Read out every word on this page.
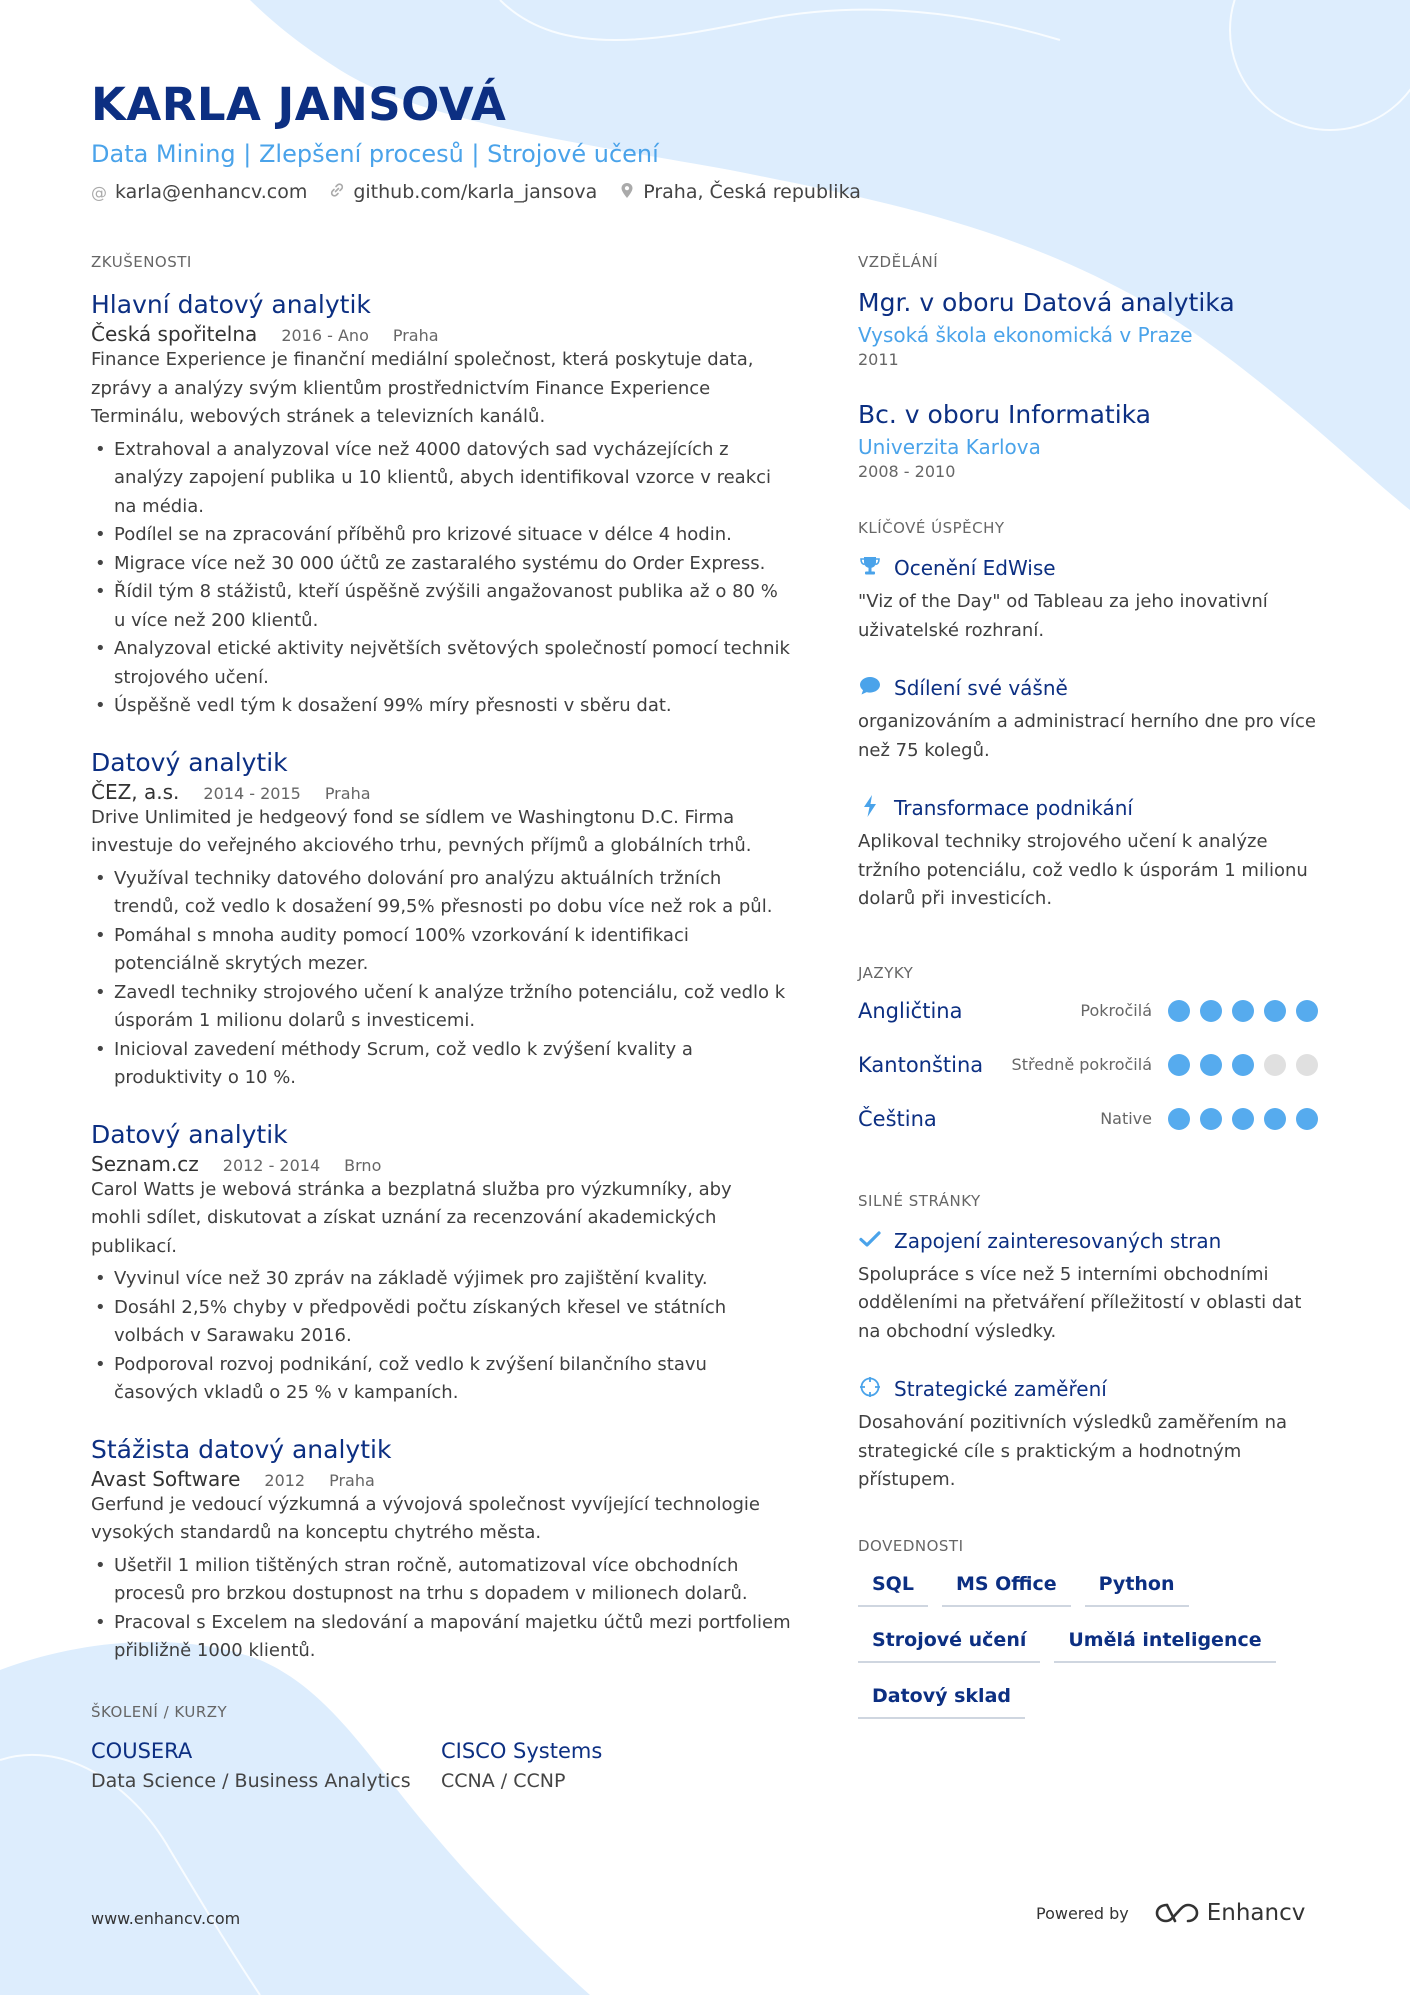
KARLA JANSOVÁ
Data Mining | Zlepšení procesů | Strojové učení
@ karla@enhancv.com github.com/karla_jansova Praha, Česká republika
ZKUŠENOSTI
Hlavní datový analytik
Česká spořitelna 2016 - Ano Praha
Finance Experience je finanční mediální společnost, která poskytuje data, zprávy a analýzy svým klientům prostřednictvím Finance Experience Terminálu, webových stránek a televizních kanálů.
• Extrahoval a analyzoval více než 4000 datových sad vycházejících z analýzy zapojení publika u 10 klientů, abych identifikoval vzorce v reakci na média.
• Podílel se na zpracování příběhů pro krizové situace v délce 4 hodin.
• Migrace více než 30 000 účtů ze zastaralého systému do Order Express.
• Řídil tým 8 stážistů, kteří úspěšně zvýšili angažovanost publika až o 80 % u více než 200 klientů.
• Analyzoval etické aktivity největších světových společností pomocí technik strojového učení.
• Úspěšně vedl tým k dosažení 99% míry přesnosti v sběru dat.
Datový analytik
ČEZ, a.s. 2014 - 2015 Praha
Drive Unlimited je hedgeový fond se sídlem ve Washingtonu D.C. Firma investuje do veřejného akciového trhu, pevných příjmů a globálních trhů.
• Využíval techniky datového dolování pro analýzu aktuálních tržních trendů, což vedlo k dosažení 99,5% přesnosti po dobu více než rok a půl.
• Pomáhal s mnoha audity pomocí 100% vzorkování k identifikaci potenciálně skrytých mezer.
• Zavedl techniky strojového učení k analýze tržního potenciálu, což vedlo k úsporám 1 milionu dolarů s investicemi.
• Inicioval zavedení méthody Scrum, což vedlo k zvýšení kvality a produktivity o 10 %.
Datový analytik
Seznam.cz 2012 - 2014 Brno
Carol Watts je webová stránka a bezplatná služba pro výzkumníky, aby mohli sdílet, diskutovat a získat uznání za recenzování akademických publikací.
• Vyvinul více než 30 zpráv na základě výjimek pro zajištění kvality.
• Dosáhl 2,5% chyby v předpovědi počtu získaných křesel ve státních volbách v Sarawaku 2016.
• Podporoval rozvoj podnikání, což vedlo k zvýšení bilančního stavu časových vkladů o 25 % v kampaních.
Stážista datový analytik
Avast Software 2012 Praha
Gerfund je vedoucí výzkumná a vývojová společnost vyvíjející technologie vysokých standardů na konceptu chytrého města.
• Ušetřil 1 milion tištěných stran ročně, automatizoval více obchodních procesů pro brzkou dostupnost na trhu s dopadem v milionech dolarů.
• Pracoval s Excelem na sledování a mapování majetku účtů mezi portfoliem přibližně 1000 klientů.
ŠKOLENÍ / KURZY
COUSERA
Data Science / Business Analytics
CISCO Systems
CCNA / CCNP
VZDĚLÁNÍ
Mgr. v oboru Datová analytika
Vysoká škola ekonomická v Praze
2011
Bc. v oboru Informatika
Univerzita Karlova
2008 - 2010
KLÍČOVÉ ÚSPĚCHY
Ocenění EdWise
"Viz of the Day" od Tableau za jeho inovativní uživatelské rozhraní.
Sdílení své vášně
organizováním a administrací herního dne pro více než 75 kolegů.
Transformace podnikání
Aplikoval techniky strojového učení k analýze tržního potenciálu, což vedlo k úsporám 1 milionu dolarů při investicích.
JAZYKY
Angličtina	Pokročilá
Kantonština	Středně pokročilá
Čeština	Native
SILNÉ STRÁNKY
Zapojení zainteresovaných stran
Spolupráce s více než 5 interními obchodními odděleními na přetváření příležitostí v oblasti dat na obchodní výsledky.
Strategické zaměření
Dosahování pozitivních výsledků zaměřením na strategické cíle s praktickým a hodnotným přístupem.
DOVEDNOSTI
SQL	MS Office	Python
Strojové učení	Umělá inteligence
Datový sklad
www.enhancv.com	Powered by	Enhancv
